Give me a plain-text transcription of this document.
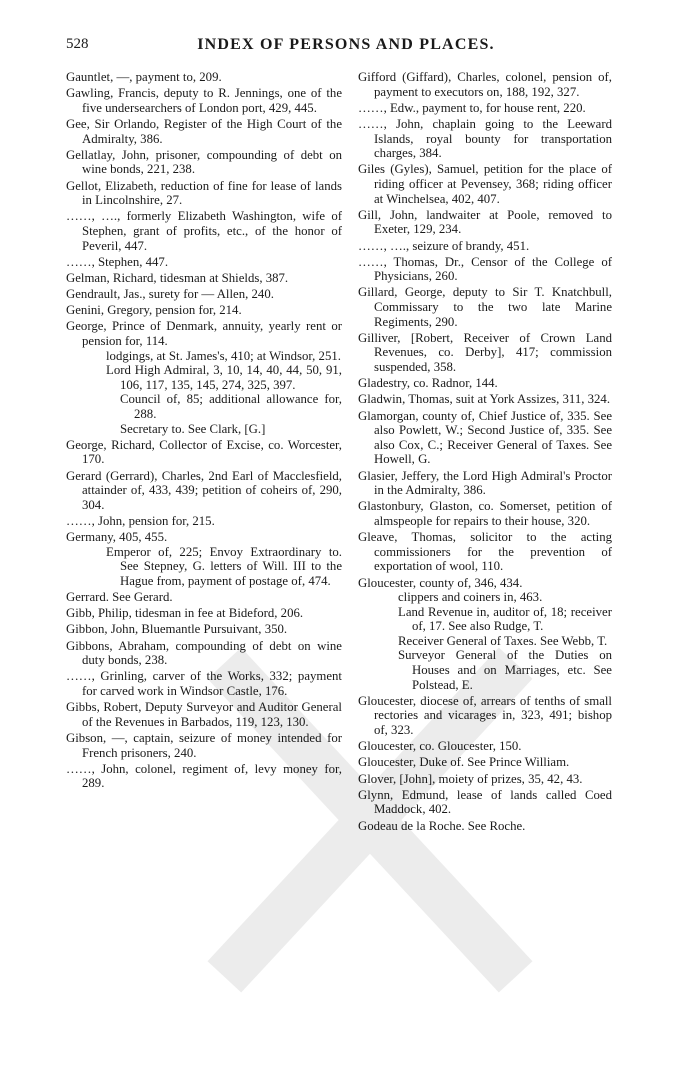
528	INDEX OF PERSONS AND PLACES.

Gauntlet, —, payment to, 209.

Gawling, Francis, deputy to R. Jennings, one of the five undersearchers of London port, 429, 445.

Gee, Sir Orlando, Register of the High Court of the Admiralty, 386.

Gellatlay, John, prisoner, compounding of debt on wine bonds, 221, 238.

Gellot, Elizabeth, reduction of fine for lease of lands in Lincolnshire, 27.

……, …., formerly Elizabeth Washington, wife of Stephen, grant of profits, etc., of the honor of Peveril, 447.

……, Stephen, 447.

Gelman, Richard, tidesman at Shields, 387.

Gendrault, Jas., surety for — Allen, 240.

Genini, Gregory, pension for, 214.

George, Prince of Denmark, annuity, yearly rent or pension for, 114.

lodgings, at St. James's, 410; at Windsor, 251.

Lord High Admiral, 3, 10, 14, 40, 44, 50, 91, 106, 117, 135, 145, 274, 325, 397.

Council of, 85; additional allowance for, 288.

Secretary to. See Clark, [G.]

George, Richard, Collector of Excise, co. Worcester, 170.

Gerard (Gerrard), Charles, 2nd Earl of Macclesfield, attainder of, 433, 439; petition of coheirs of, 290, 304.

……, John, pension for, 215.

Germany, 405, 455.

Emperor of, 225; Envoy Extraordinary to. See Stepney, G. letters of Will. III to the Hague from, payment of postage of, 474.

Gerrard. See Gerard.

Gibb, Philip, tidesman in fee at Bideford, 206.

Gibbon, John, Bluemantle Pursuivant, 350.

Gibbons, Abraham, compounding of debt on wine duty bonds, 238.

……, Grinling, carver of the Works, 332; payment for carved work in Windsor Castle, 176.

Gibbs, Robert, Deputy Surveyor and Auditor General of the Revenues in Barbados, 119, 123, 130.

Gibson, —, captain, seizure of money intended for French prisoners, 240.

……, John, colonel, regiment of, levy money for, 289.

Gifford (Giffard), Charles, colonel, pension of, payment to executors on, 188, 192, 327.

……, Edw., payment to, for house rent, 220.

……, John, chaplain going to the Leeward Islands, royal bounty for transportation charges, 384.

Giles (Gyles), Samuel, petition for the place of riding officer at Pevensey, 368; riding officer at Winchelsea, 402, 407.

Gill, John, landwaiter at Poole, removed to Exeter, 129, 234.

……, …., seizure of brandy, 451.

……, Thomas, Dr., Censor of the College of Physicians, 260.

Gillard, George, deputy to Sir T. Knatchbull, Commissary to the two late Marine Regiments, 290.

Gilliver, [Robert, Receiver of Crown Land Revenues, co. Derby], 417; commission suspended, 358.

Gladestry, co. Radnor, 144.

Gladwin, Thomas, suit at York Assizes, 311, 324.

Glamorgan, county of, Chief Justice of, 335. See also Powlett, W.; Second Justice of, 335. See also Cox, C.; Receiver General of Taxes. See Howell, G.

Glasier, Jeffery, the Lord High Admiral's Proctor in the Admiralty, 386.

Glastonbury, Glaston, co. Somerset, petition of almspeople for repairs to their house, 320.

Gleave, Thomas, solicitor to the acting commissioners for the prevention of exportation of wool, 110.

Gloucester, county of, 346, 434.

clippers and coiners in, 463.

Land Revenue in, auditor of, 18; receiver of, 17. See also Rudge, T.

Receiver General of Taxes. See Webb, T.

Surveyor General of the Duties on Houses and on Marriages, etc. See Polstead, E.

Gloucester, diocese of, arrears of tenths of small rectories and vicarages in, 323, 491; bishop of, 323.

Gloucester, co. Gloucester, 150.

Gloucester, Duke of. See Prince William.

Glover, [John], moiety of prizes, 35, 42, 43.

Glynn, Edmund, lease of lands called Coed Maddock, 402.

Godeau de la Roche. See Roche.
